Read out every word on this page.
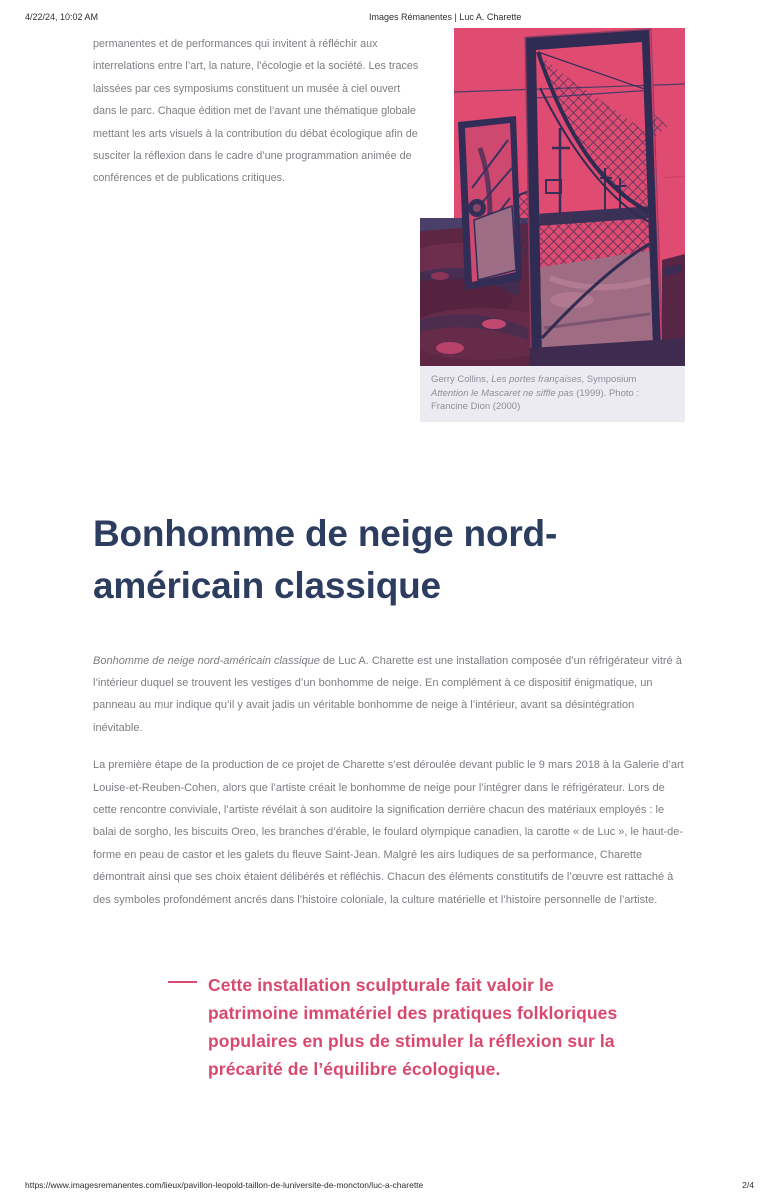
4/22/24, 10:02 AM	Images Rémanentes | Luc A. Charette

permanentes et de performances qui invitent à réfléchir aux interrelations entre l’art, la nature, l’écologie et la société. Les traces laissées par ces symposiums constituent un musée à ciel ouvert dans le parc. Chaque édition met de l’avant une thématique globale mettant les arts visuels à la contribution du débat écologique afin de susciter la réflexion dans le cadre d’une programmation animée de conférences et de publications critiques.

Gerry Collins, Les portes françaises, Symposium Attention le Mascaret ne siffle pas (1999). Photo : Francine Dion (2000)
Bonhomme de neige nord-américain classique

Bonhomme de neige nord-américain classique de Luc A. Charette est une installation composée d’un réfrigérateur vitré à l’intérieur duquel se trouvent les vestiges d’un bonhomme de neige. En complément à ce dispositif énigmatique, un panneau au mur indique qu’il y avait jadis un véritable bonhomme de neige à l’intérieur, avant sa désintégration inévitable.

La première étape de la production de ce projet de Charette s’est déroulée devant public le 9 mars 2018 à la Galerie d’art Louise-et-Reuben-Cohen, alors que l’artiste créait le bonhomme de neige pour l’intégrer dans le réfrigérateur. Lors de cette rencontre conviviale, l’artiste révélait à son auditoire la signification derrière chacun des matériaux employés : le balai de sorgho, les biscuits Oreo, les branches d’érable, le foulard olympique canadien, la carotte « de Luc », le haut-de-forme en peau de castor et les galets du fleuve Saint-Jean. Malgré les airs ludiques de sa performance, Charette démontrait ainsi que ses choix étaient délibérés et réfléchis. Chacun des éléments constitutifs de l’œuvre est rattaché à des symboles profondément ancrés dans l’histoire coloniale, la culture matérielle et l’histoire personnelle de l’artiste.

Cette installation sculpturale fait valoir le patrimoine immatériel des pratiques folkloriques populaires en plus de stimuler la réflexion sur la précarité de l’équilibre écologique.
https://www.imagesremanentes.com/lieux/pavillon-leopold-taillon-de-luniversite-de-moncton/luc-a-charette	2/4
